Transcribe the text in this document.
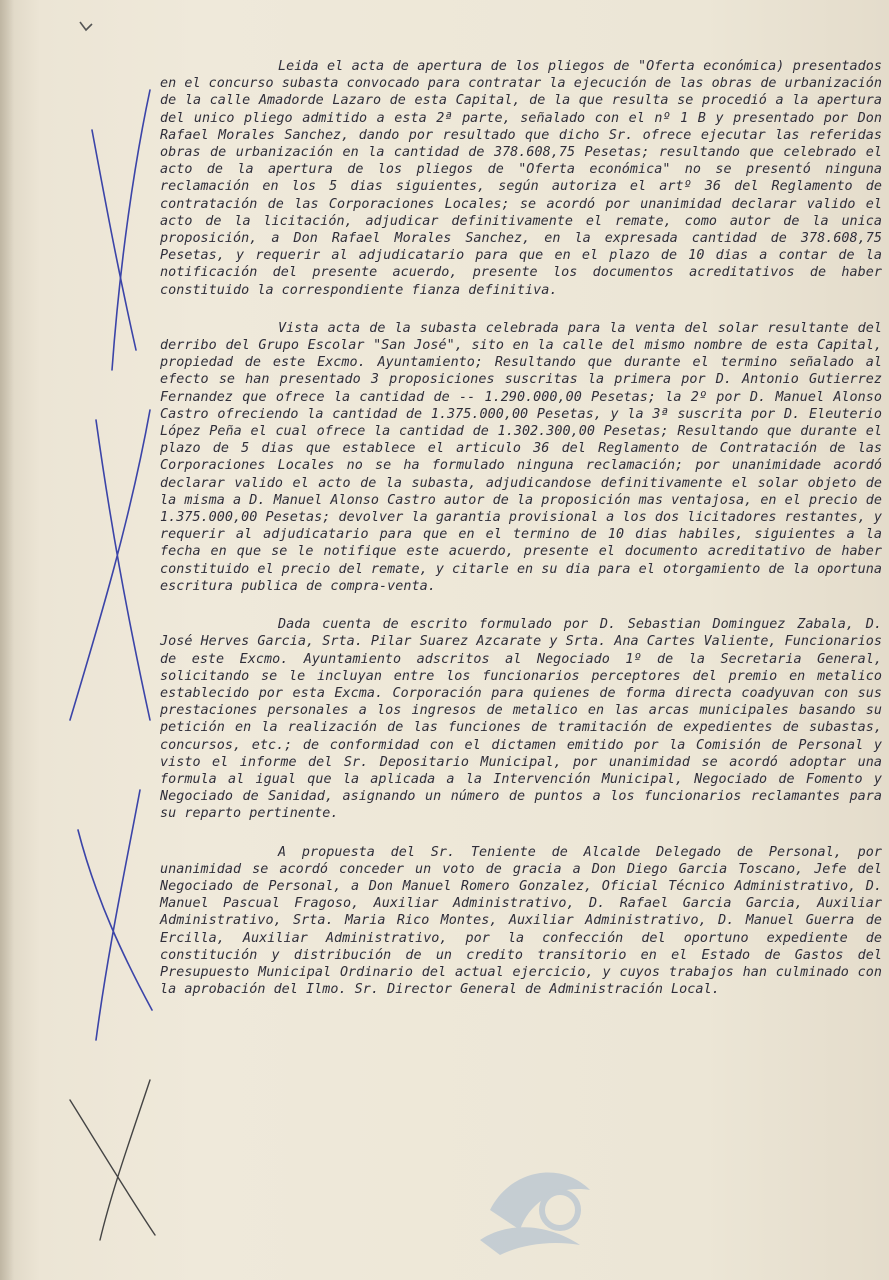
Leida el acta de apertura de los pliegos de "Oferta económica) presentados en el concurso subasta convocado para contratar la ejecución de las obras de urbanización de la calle Amadorde Lazaro de esta Capital, de la que resulta se procedió a la apertura del unico pliego admitido a esta 2ª parte, señalado con el nº 1 B y presentado por Don Rafael Morales Sanchez, dando por resultado que dicho Sr. ofrece ejecutar las referidas obras de urbanización en la cantidad de 378.608,75 Pesetas; resultando que celebrado el acto de la apertura de los pliegos de "Oferta económica" no se presentó ninguna reclamación en los 5 dias siguientes, según autoriza el artº 36 del Reglamento de contratación de las Corporaciones Locales; se acordó por unanimidad declarar valido el acto de la licitación, adjudicar definitivamente el remate, como autor de la unica proposición, a Don Rafael Morales Sanchez, en la expresada cantidad de 378.608,75 Pesetas, y requerir al adjudicatario para que en el plazo de 10 dias a contar de la notificación del presente acuerdo, presente los documentos acreditativos de haber constituido la correspondiente fianza definitiva.

Vista acta de la subasta celebrada para la venta del solar resultante del derribo del Grupo Escolar "San José", sito en la calle del mismo nombre de esta Capital, propiedad de este Excmo. Ayuntamiento; Resultando que durante el termino señalado al efecto se han presentado 3 proposiciones suscritas la primera por D. Antonio Gutierrez Fernandez que ofrece la cantidad de -- 1.290.000,00 Pesetas; la 2º por D. Manuel Alonso Castro ofreciendo la cantidad de 1.375.000,00 Pesetas, y la 3ª suscrita por D. Eleuterio López Peña el cual ofrece la cantidad de 1.302.300,00 Pesetas; Resultando que durante el plazo de 5 dias que establece el articulo 36 del Reglamento de Contratación de las Corporaciones Locales no se ha formulado ninguna reclamación; por unanimidade acordó declarar valido el acto de la subasta, adjudicandose definitivamente el solar objeto de la misma a D. Manuel Alonso Castro autor de la proposición mas ventajosa, en el precio de 1.375.000,00 Pesetas; devolver la garantia provisional a los dos licitadores restantes, y requerir al adjudicatario para que en el termino de 10 dias habiles, siguientes a la fecha en que se le notifique este acuerdo, presente el documento acreditativo de haber constituido el precio del remate, y citarle en su dia para el otorgamiento de la oportuna escritura publica de compra-venta.

Dada cuenta de escrito formulado por D. Sebastian Dominguez Zabala, D. José Herves Garcia, Srta. Pilar Suarez Azcarate y Srta. Ana Cartes Valiente, Funcionarios de este Excmo. Ayuntamiento adscritos al Negociado 1º de la Secretaria General, solicitando se le incluyan entre los funcionarios perceptores del premio en metalico establecido por esta Excma. Corporación para quienes de forma directa coadyuvan con sus prestaciones personales a los ingresos de metalico en las arcas municipales basando su petición en la realización de las funciones de tramitación de expedientes de subastas, concursos, etc.; de conformidad con el dictamen emitido por la Comisión de Personal y visto el informe del Sr. Depositario Municipal, por unanimidad se acordó adoptar una formula al igual que la aplicada a la Intervención Municipal, Negociado de Fomento y Negociado de Sanidad, asignando un número de puntos a los funcionarios reclamantes para su reparto pertinente.

A propuesta del Sr. Teniente de Alcalde Delegado de Personal, por unanimidad se acordó conceder un voto de gracia a Don Diego Garcia Toscano, Jefe del Negociado de Personal, a Don Manuel Romero Gonzalez, Oficial Técnico Administrativo, D. Manuel Pascual Fragoso, Auxiliar Administrativo, D. Rafael Garcia Garcia, Auxiliar Administrativo, Srta. Maria Rico Montes, Auxiliar Administrativo, D. Manuel Guerra de Ercilla, Auxiliar Administrativo, por la confección del oportuno expediente de constitución y distribución de un credito transitorio en el Estado de Gastos del Presupuesto Municipal Ordinario del actual ejercicio, y cuyos trabajos han culminado con la aprobación del Ilmo. Sr. Director General de Administración Local.
